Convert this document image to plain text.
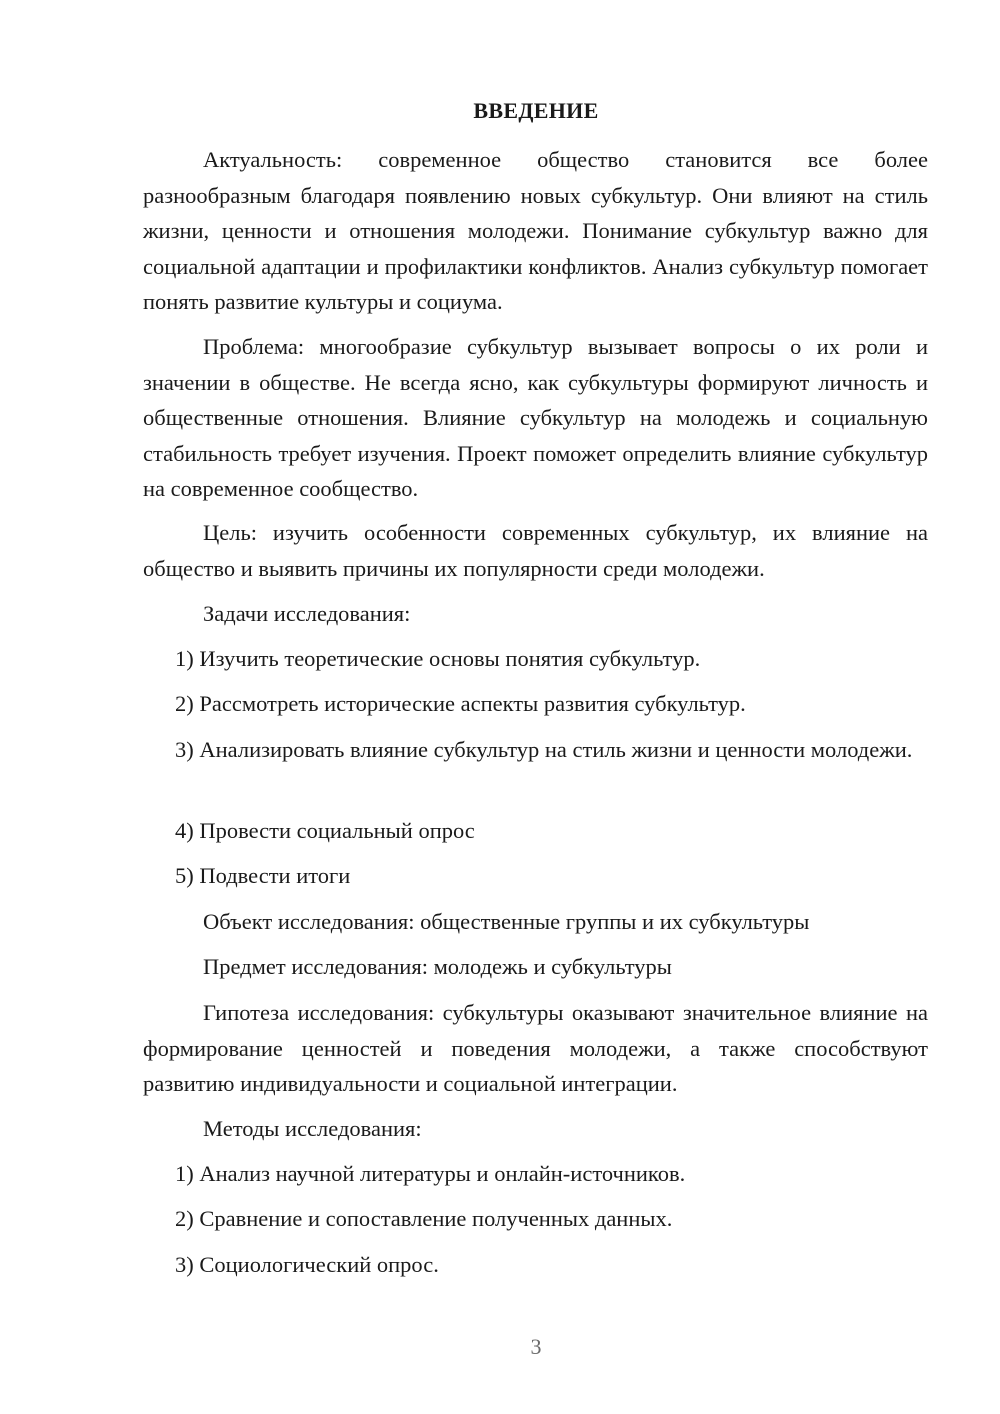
ВВЕДЕНИЕ
Актуальность: современное общество становится все более разнообразным благодаря появлению новых субкультур. Они влияют на стиль жизни, ценности и отношения молодежи. Понимание субкультур важно для социальной адаптации и профилактики конфликтов. Анализ субкультур помогает понять развитие культуры и социума.
Проблема: многообразие субкультур вызывает вопросы о их роли и значении в обществе. Не всегда ясно, как субкультуры формируют личность и общественные отношения. Влияние субкультур на молодежь и социальную стабильность требует изучения. Проект поможет определить влияние субкультур на современное сообщество.
Цель: изучить особенности современных субкультур, их влияние на общество и выявить причины их популярности среди молодежи.
Задачи исследования:
1) Изучить теоретические основы понятия субкультур.
2) Рассмотреть исторические аспекты развития субкультур.
3) Анализировать влияние субкультур на стиль жизни и ценности молодежи.
4) Провести социальный опрос
5) Подвести итоги
Объект исследования: общественные группы и их субкультуры
Предмет исследования: молодежь и субкультуры
Гипотеза исследования: субкультуры оказывают значительное влияние на формирование ценностей и поведения молодежи, а также способствуют развитию индивидуальности и социальной интеграции.
Методы исследования:
1) Анализ научной литературы и онлайн-источников.
2) Сравнение и сопоставление полученных данных.
3) Социологический опрос.
3
